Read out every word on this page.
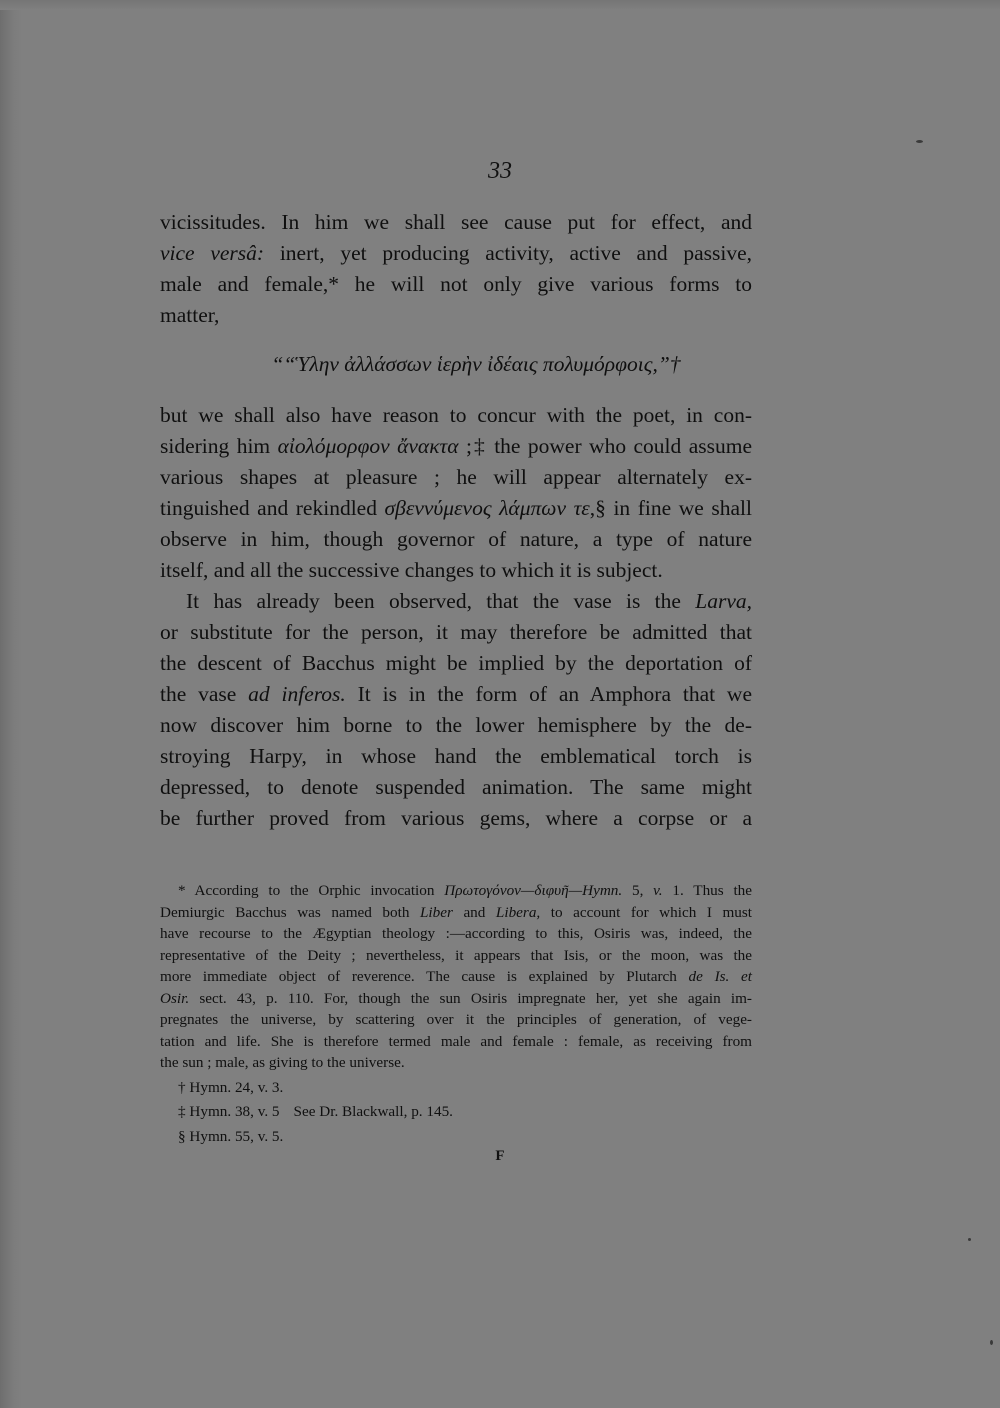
33
vicissitudes. In him we shall see cause put for effect, and
vice versâ: inert, yet producing activity, active and passive,
male and female,* he will not only give various forms to
matter,
““Ὑλην ἀλλάσσων ἱερὴν ἰδέαις πολυμόρφοις,”†
but we shall also have reason to concur with the poet, in con-
sidering him αἰολόμορφον ἄνακτα ;‡ the power who could assume
various shapes at pleasure ; he will appear alternately ex-
tinguished and rekindled σβεννύμενος λάμπων τε,§ in fine we shall
observe in him, though governor of nature, a type of nature
itself, and all the successive changes to which it is subject.
It has already been observed, that the vase is the Larva,
or substitute for the person, it may therefore be admitted that
the descent of Bacchus might be implied by the deportation of
the vase ad inferos. It is in the form of an Amphora that we
now discover him borne to the lower hemisphere by the de-
stroying Harpy, in whose hand the emblematical torch is
depressed, to denote suspended animation. The same might
be further proved from various gems, where a corpse or a
* According to the Orphic invocation Πρωτογόνον—διφυῆ—Hymn. 5, v. 1. Thus the
Demiurgic Bacchus was named both Liber and Libera, to account for which I must
have recourse to the Ægyptian theology :—according to this, Osiris was, indeed, the
representative of the Deity ; nevertheless, it appears that Isis, or the moon, was the
more immediate object of reverence. The cause is explained by Plutarch de Is. et
Osir. sect. 43, p. 110. For, though the sun Osiris impregnate her, yet she again im-
pregnates the universe, by scattering over it the principles of generation, of vege-
tation and life. She is therefore termed male and female : female, as receiving from
the sun ; male, as giving to the universe.
† Hymn. 24, v. 3.
‡ Hymn. 38, v. 5 See Dr. Blackwall, p. 145.
§ Hymn. 55, v. 5.
F
